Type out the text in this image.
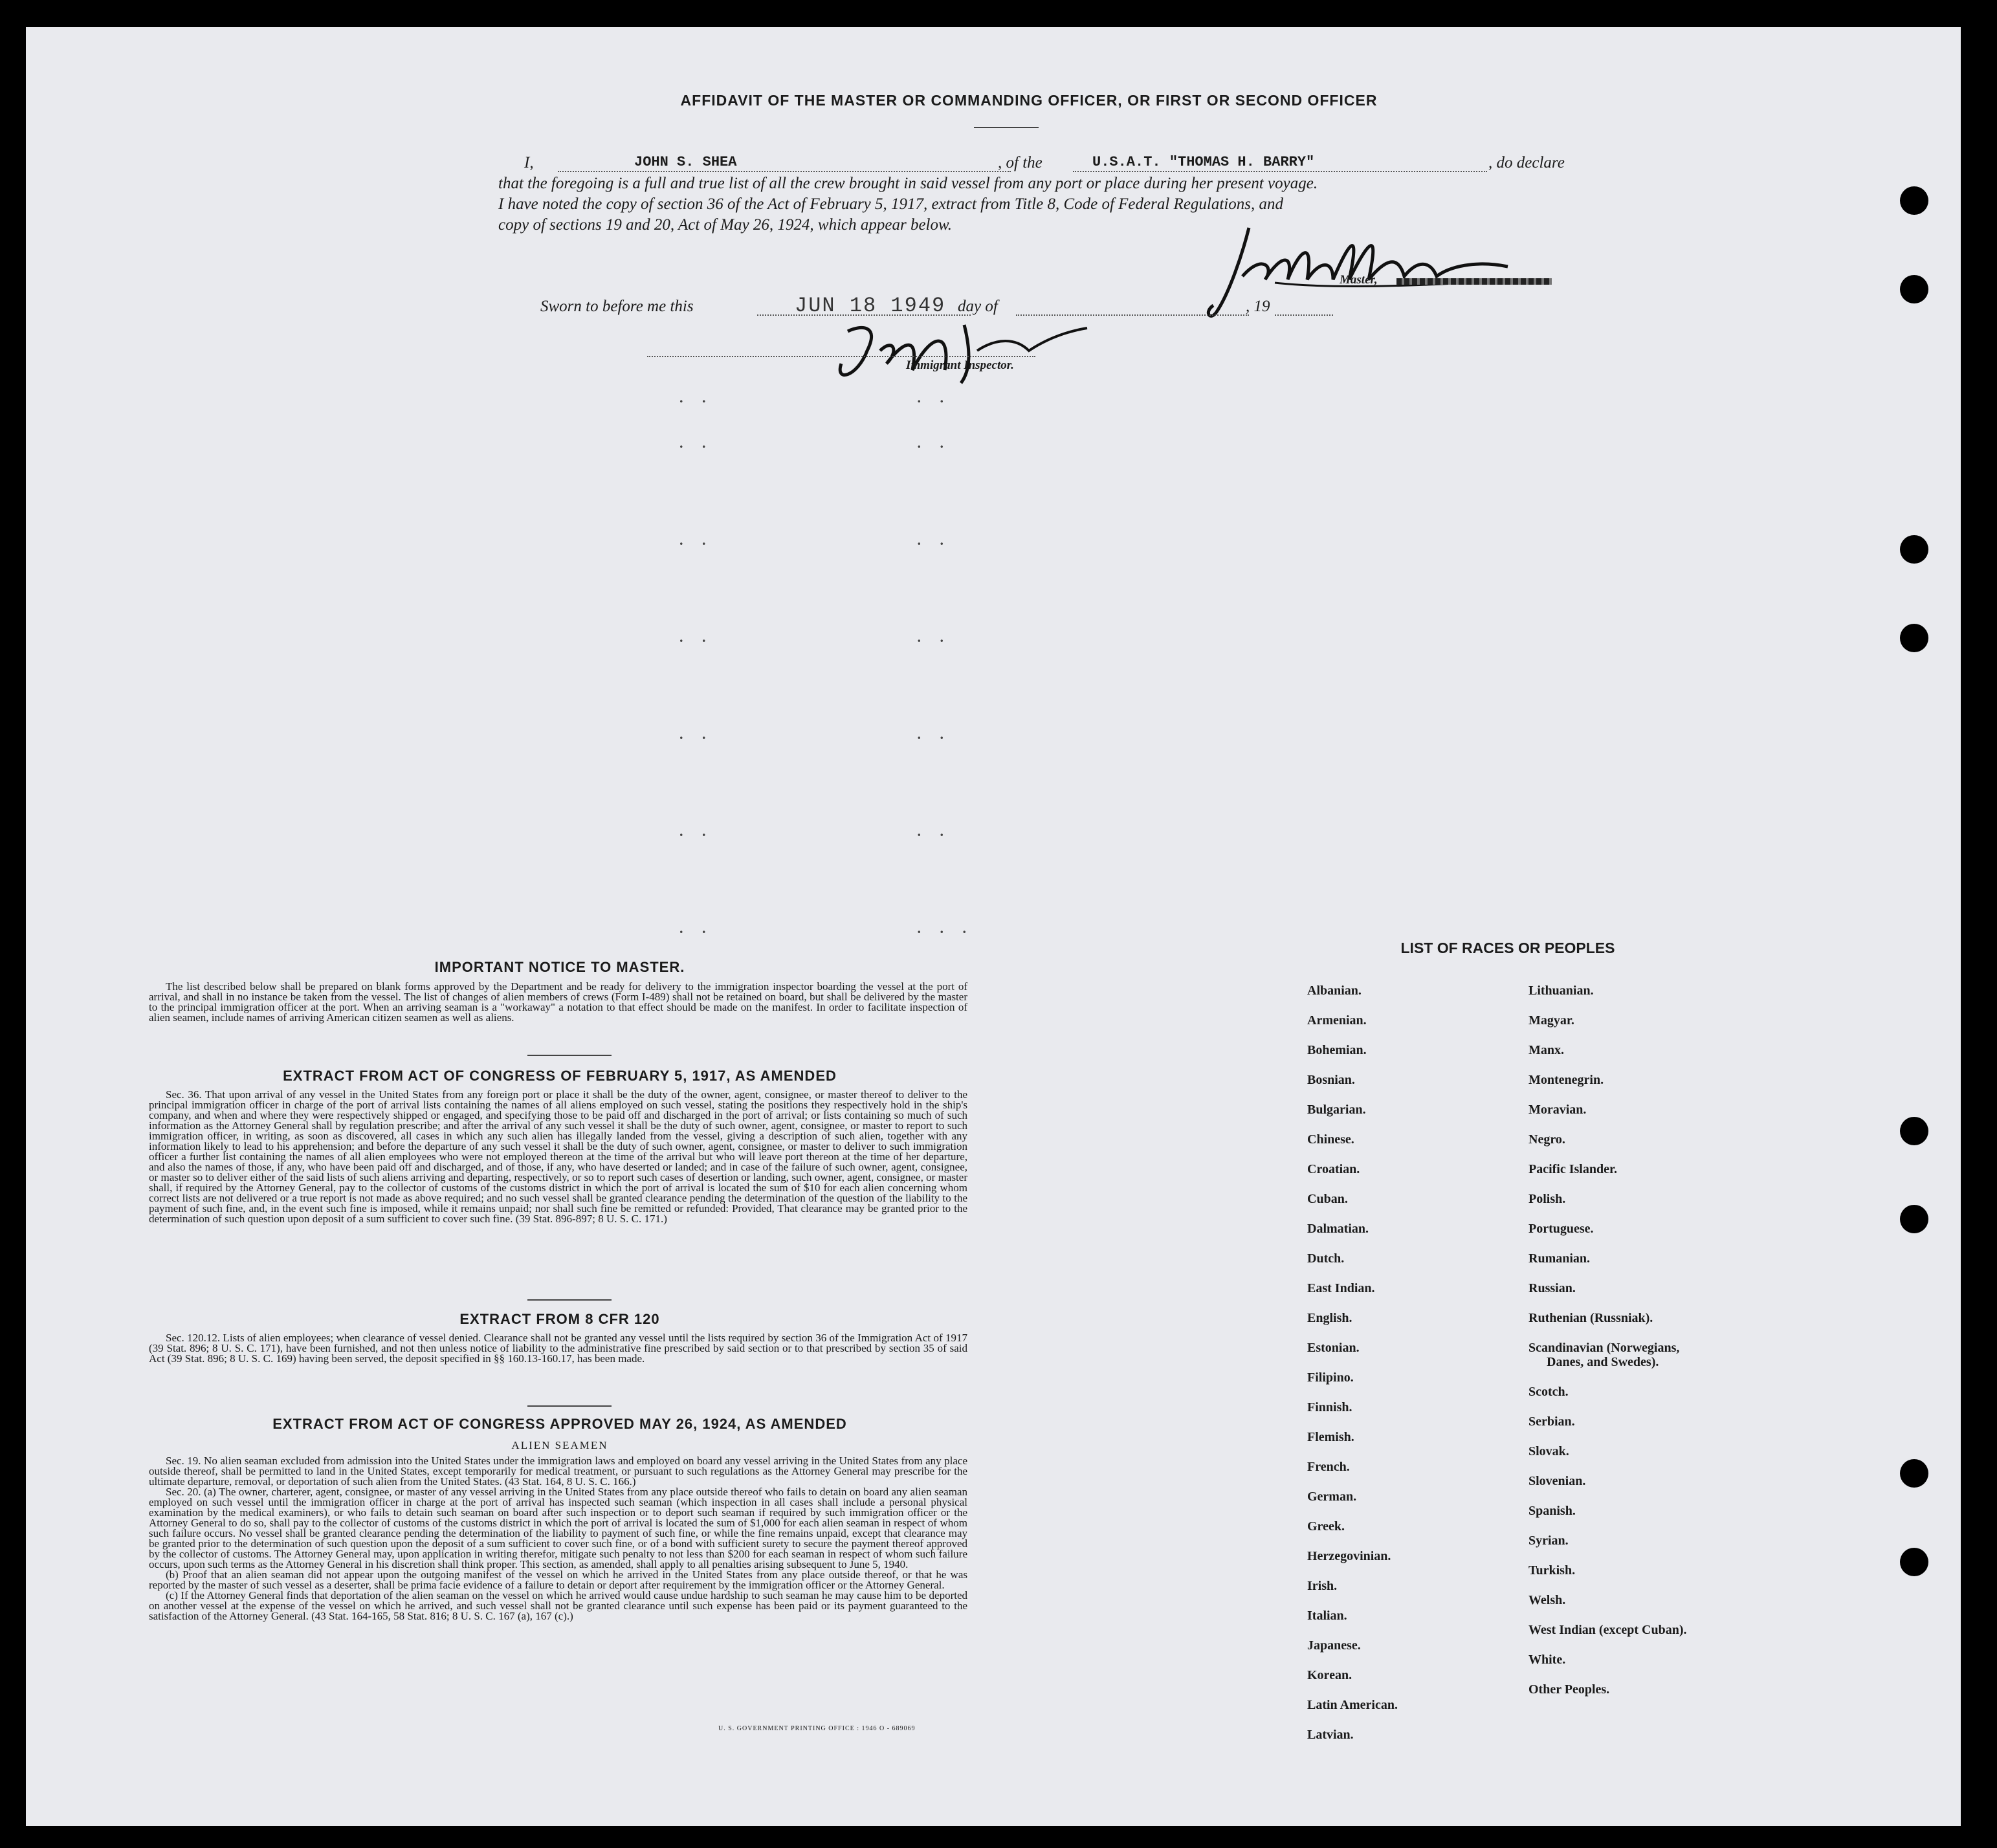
AFFIDAVIT OF THE MASTER OR COMMANDING OFFICER, OR FIRST OR SECOND OFFICER
I,	JOHN S. SHEA	, of the	U.S.A.T. "THOMAS H. BARRY"	, do declare
that the foregoing is a full and true list of all the crew brought in said vessel from any port or place during her present voyage.
I have noted the copy of section 36 of the Act of February 5, 1917, extract from Title 8, Code of Federal Regulations, and
copy of sections 19 and 20, Act of May 26, 1924, which appear below.
Master,
Sworn to before me this	JUN 18 1949 day of	, 19
Immigrant Inspector.
. .                  . .
. .                  . .
. .                  . .
. .                  . .
. .                  . .
. .                  . .
. .                  . . .
IMPORTANT NOTICE TO MASTER.

The list described below shall be prepared on blank forms approved by the Department and be ready for delivery to the immigration inspector boarding the vessel at the port of arrival, and shall in no instance be taken from the vessel. The list of changes of alien members of crews (Form I-489) shall not be retained on board, but shall be delivered by the master to the principal immigration officer at the port. When an arriving seaman is a "workaway" a notation to that effect should be made on the manifest. In order to facilitate inspection of alien seamen, include names of arriving American citizen seamen as well as aliens.

EXTRACT FROM ACT OF CONGRESS OF FEBRUARY 5, 1917, AS AMENDED

Sec. 36. That upon arrival of any vessel in the United States from any foreign port or place it shall be the duty of the owner, agent, consignee, or master thereof to deliver to the principal immigration officer in charge of the port of arrival lists containing the names of all aliens employed on such vessel, stating the positions they respectively hold in the ship's company, and when and where they were respectively shipped or engaged, and specifying those to be paid off and discharged in the port of arrival; or lists containing so much of such information as the Attorney General shall by regulation prescribe; and after the arrival of any such vessel it shall be the duty of such owner, agent, consignee, or master to report to such immigration officer, in writing, as soon as discovered, all cases in which any such alien has illegally landed from the vessel, giving a description of such alien, together with any information likely to lead to his apprehension; and before the departure of any such vessel it shall be the duty of such owner, agent, consignee, or master to deliver to such immigration officer a further list containing the names of all alien employees who were not employed thereon at the time of the arrival but who will leave port thereon at the time of her departure, and also the names of those, if any, who have been paid off and discharged, and of those, if any, who have deserted or landed; and in case of the failure of such owner, agent, consignee, or master so to deliver either of the said lists of such aliens arriving and departing, respectively, or so to report such cases of desertion or landing, such owner, agent, consignee, or master shall, if required by the Attorney General, pay to the collector of customs of the customs district in which the port of arrival is located the sum of $10 for each alien concerning whom correct lists are not delivered or a true report is not made as above required; and no such vessel shall be granted clearance pending the determination of the question of the liability to the payment of such fine, and, in the event such fine is imposed, while it remains unpaid; nor shall such fine be remitted or refunded: Provided, That clearance may be granted prior to the determination of such question upon deposit of a sum sufficient to cover such fine. (39 Stat. 896-897; 8 U. S. C. 171.)

EXTRACT FROM 8 CFR 120

Sec. 120.12. Lists of alien employees; when clearance of vessel denied. Clearance shall not be granted any vessel until the lists required by section 36 of the Immigration Act of 1917 (39 Stat. 896; 8 U. S. C. 171), have been furnished, and not then unless notice of liability to the administrative fine prescribed by said section or to that prescribed by section 35 of said Act (39 Stat. 896; 8 U. S. C. 169) having been served, the deposit specified in §§ 160.13-160.17, has been made.

EXTRACT FROM ACT OF CONGRESS APPROVED MAY 26, 1924, AS AMENDED
ALIEN SEAMEN

Sec. 19. No alien seaman excluded from admission into the United States under the immigration laws and employed on board any vessel arriving in the United States from any place outside thereof, shall be permitted to land in the United States, except temporarily for medical treatment, or pursuant to such regulations as the Attorney General may prescribe for the ultimate departure, removal, or deportation of such alien from the United States. (43 Stat. 164, 8 U. S. C. 166.)

Sec. 20. (a) The owner, charterer, agent, consignee, or master of any vessel arriving in the United States from any place outside thereof who fails to detain on board any alien seaman employed on such vessel until the immigration officer in charge at the port of arrival has inspected such seaman (which inspection in all cases shall include a personal physical examination by the medical examiners), or who fails to detain such seaman on board after such inspection or to deport such seaman if required by such immigration officer or the Attorney General to do so, shall pay to the collector of customs of the customs district in which the port of arrival is located the sum of $1,000 for each alien seaman in respect of whom such failure occurs. No vessel shall be granted clearance pending the determination of the liability to payment of such fine, or while the fine remains unpaid, except that clearance may be granted prior to the determination of such question upon the deposit of a sum sufficient to cover such fine, or of a bond with sufficient surety to secure the payment thereof approved by the collector of customs. The Attorney General may, upon application in writing therefor, mitigate such penalty to not less than $200 for each seaman in respect of whom such failure occurs, upon such terms as the Attorney General in his discretion shall think proper. This section, as amended, shall apply to all penalties arising subsequent to June 5, 1940.

(b) Proof that an alien seaman did not appear upon the outgoing manifest of the vessel on which he arrived in the United States from any place outside thereof, or that he was reported by the master of such vessel as a deserter, shall be prima facie evidence of a failure to detain or deport after requirement by the immigration officer or the Attorney General.

(c) If the Attorney General finds that deportation of the alien seaman on the vessel on which he arrived would cause undue hardship to such seaman he may cause him to be deported on another vessel at the expense of the vessel on which he arrived, and such vessel shall not be granted clearance until such expense has been paid or its payment guaranteed to the satisfaction of the Attorney General. (43 Stat. 164-165, 58 Stat. 816; 8 U. S. C. 167 (a), 167 (c).)

U. S. GOVERNMENT PRINTING OFFICE : 1946 O - 689069
LIST OF RACES OR PEOPLES
Albanian.
Armenian.
Bohemian.
Bosnian.
Bulgarian.
Chinese.
Croatian.
Cuban.
Dalmatian.
Dutch.
East Indian.
English.
Estonian.
Filipino.
Finnish.
Flemish.
French.
German.
Greek.
Herzegovinian.
Irish.
Italian.
Japanese.
Korean.
Latin American.
Latvian.
Lithuanian.
Magyar.
Manx.
Montenegrin.
Moravian.
Negro.
Pacific Islander.
Polish.
Portuguese.
Rumanian.
Russian.
Ruthenian (Russniak).
Scandinavian (Norwegians,
Danes, and Swedes).
Scotch.
Serbian.
Slovak.
Slovenian.
Spanish.
Syrian.
Turkish.
Welsh.
West Indian (except Cuban).
White.
Other Peoples.
